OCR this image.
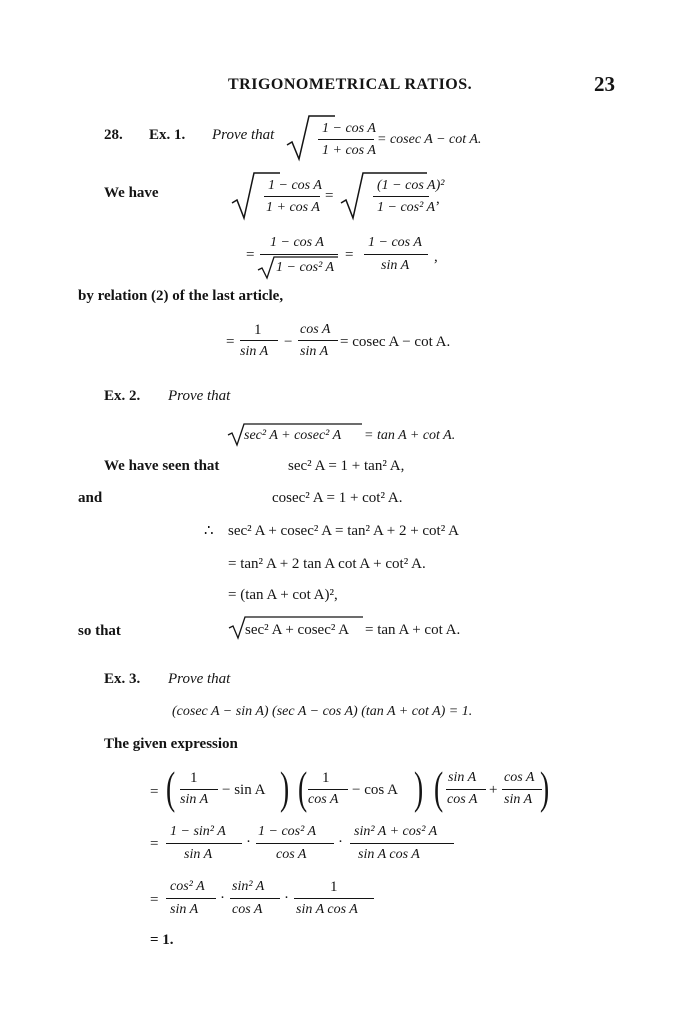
TRIGONOMETRICAL RATIOS.	23
28. Ex. 1. Prove that	1 − cos A
1 + cos A
= cosec A − cot A.
We have	1 − cos A
1 + cos A
=
(1 − cos A)²
1 − cos² A
,
=
1 − cos A
1 − cos² A
=
1 − cos A
sin A
,
by relation (2) of the last article,
=
1
sin A
−
cos A
sin A
= cosec A − cot A.
Ex. 2. Prove that
sec² A + cosec² A = tan A + cot A.
We have seen that	sec² A = 1 + tan² A,
and	cosec² A = 1 + cot² A.
∴ sec² A + cosec² A = tan² A + 2 + cot² A
= tan² A + 2 tan A cot A + cot² A.
= (tan A + cot A)²,
so that	sec² A + cosec² A = tan A + cot A.
Ex. 3. Prove that
(cosec A − sin A) (sec A − cos A) (tan A + cot A) = 1.
The given expression
= ( 1
sin A
− sin A ) ( 1
cos A
− cos A ) ( sin A
cos A
+
cos A
sin A )
=
1 − sin² A
sin A
·
1 − cos² A
cos A
·
sin² A + cos² A
sin A cos A
=
cos² A
sin A
·
sin² A
cos A
·
1
sin A cos A
= 1.
